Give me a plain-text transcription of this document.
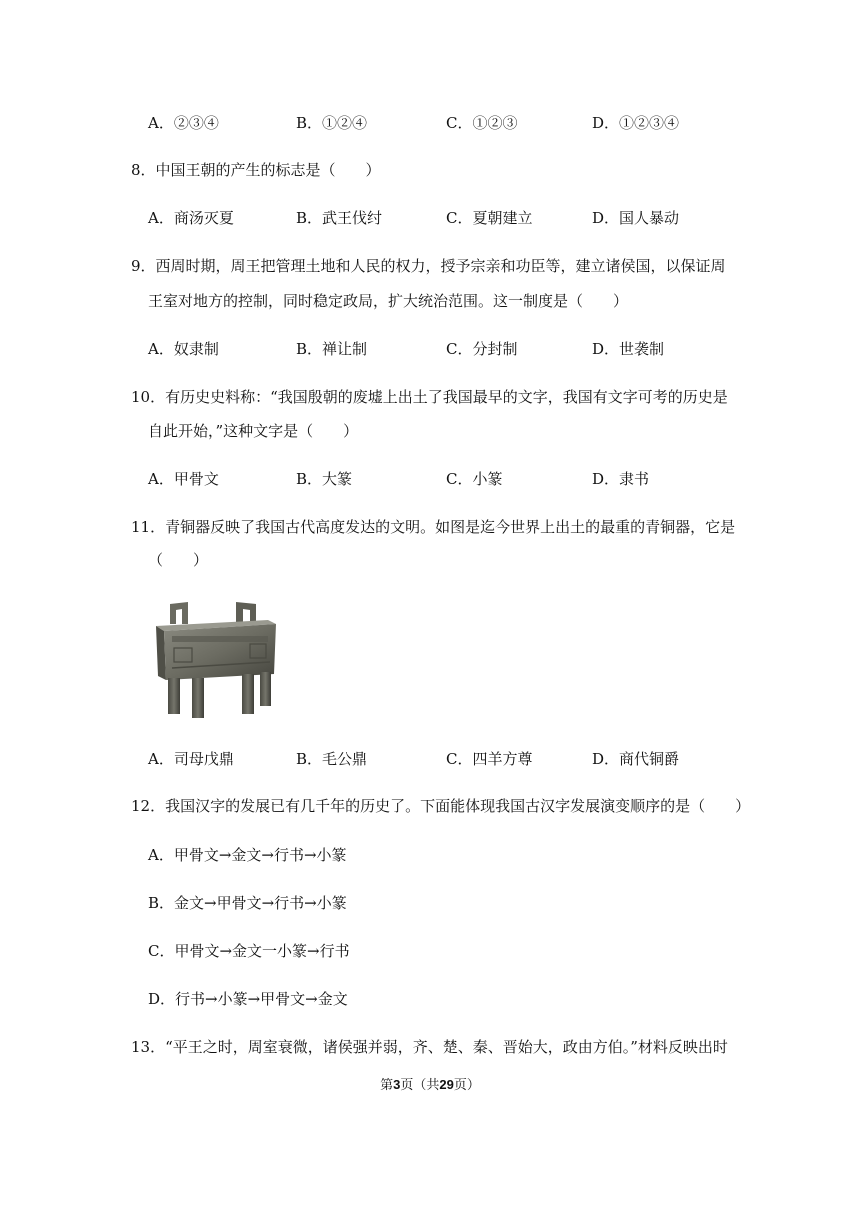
A．②③④	B．①②④	C．①②③	D．①②③④
8．中国王朝的产生的标志是（　　）
A．商汤灭夏	B．武王伐纣	C．夏朝建立	D．国人暴动
9．西周时期，周王把管理土地和人民的权力，授予宗亲和功臣等，建立诸侯国，以保证周
王室对地方的控制，同时稳定政局，扩大统治范围。这一制度是（　　）
A．奴隶制	B．禅让制	C．分封制	D．世袭制
10．有历史史料称：“我国殷朝的废墟上出土了我国最早的文字，我国有文字可考的历史是
自此开始，”这种文字是（　　）
A．甲骨文	B．大篆	C．小篆	D．隶书
11．青铜器反映了我国古代高度发达的文明。如图是迄今世界上出土的最重的青铜器，它是
（　　）
A．司母戊鼎	B．毛公鼎	C．四羊方尊	D．商代铜爵
12．我国汉字的发展已有几千年的历史了。下面能体现我国古汉字发展演变顺序的是（　　）
A．甲骨文→金文→行书→小篆
B．金文→甲骨文→行书→小篆
C．甲骨文→金文一小篆→行书
D．行书→小篆→甲骨文→金文
13．“平王之时，周室衰微，诸侯强并弱，齐、楚、秦、晋始大，政由方伯。”材料反映出时
第3页（共29页）
